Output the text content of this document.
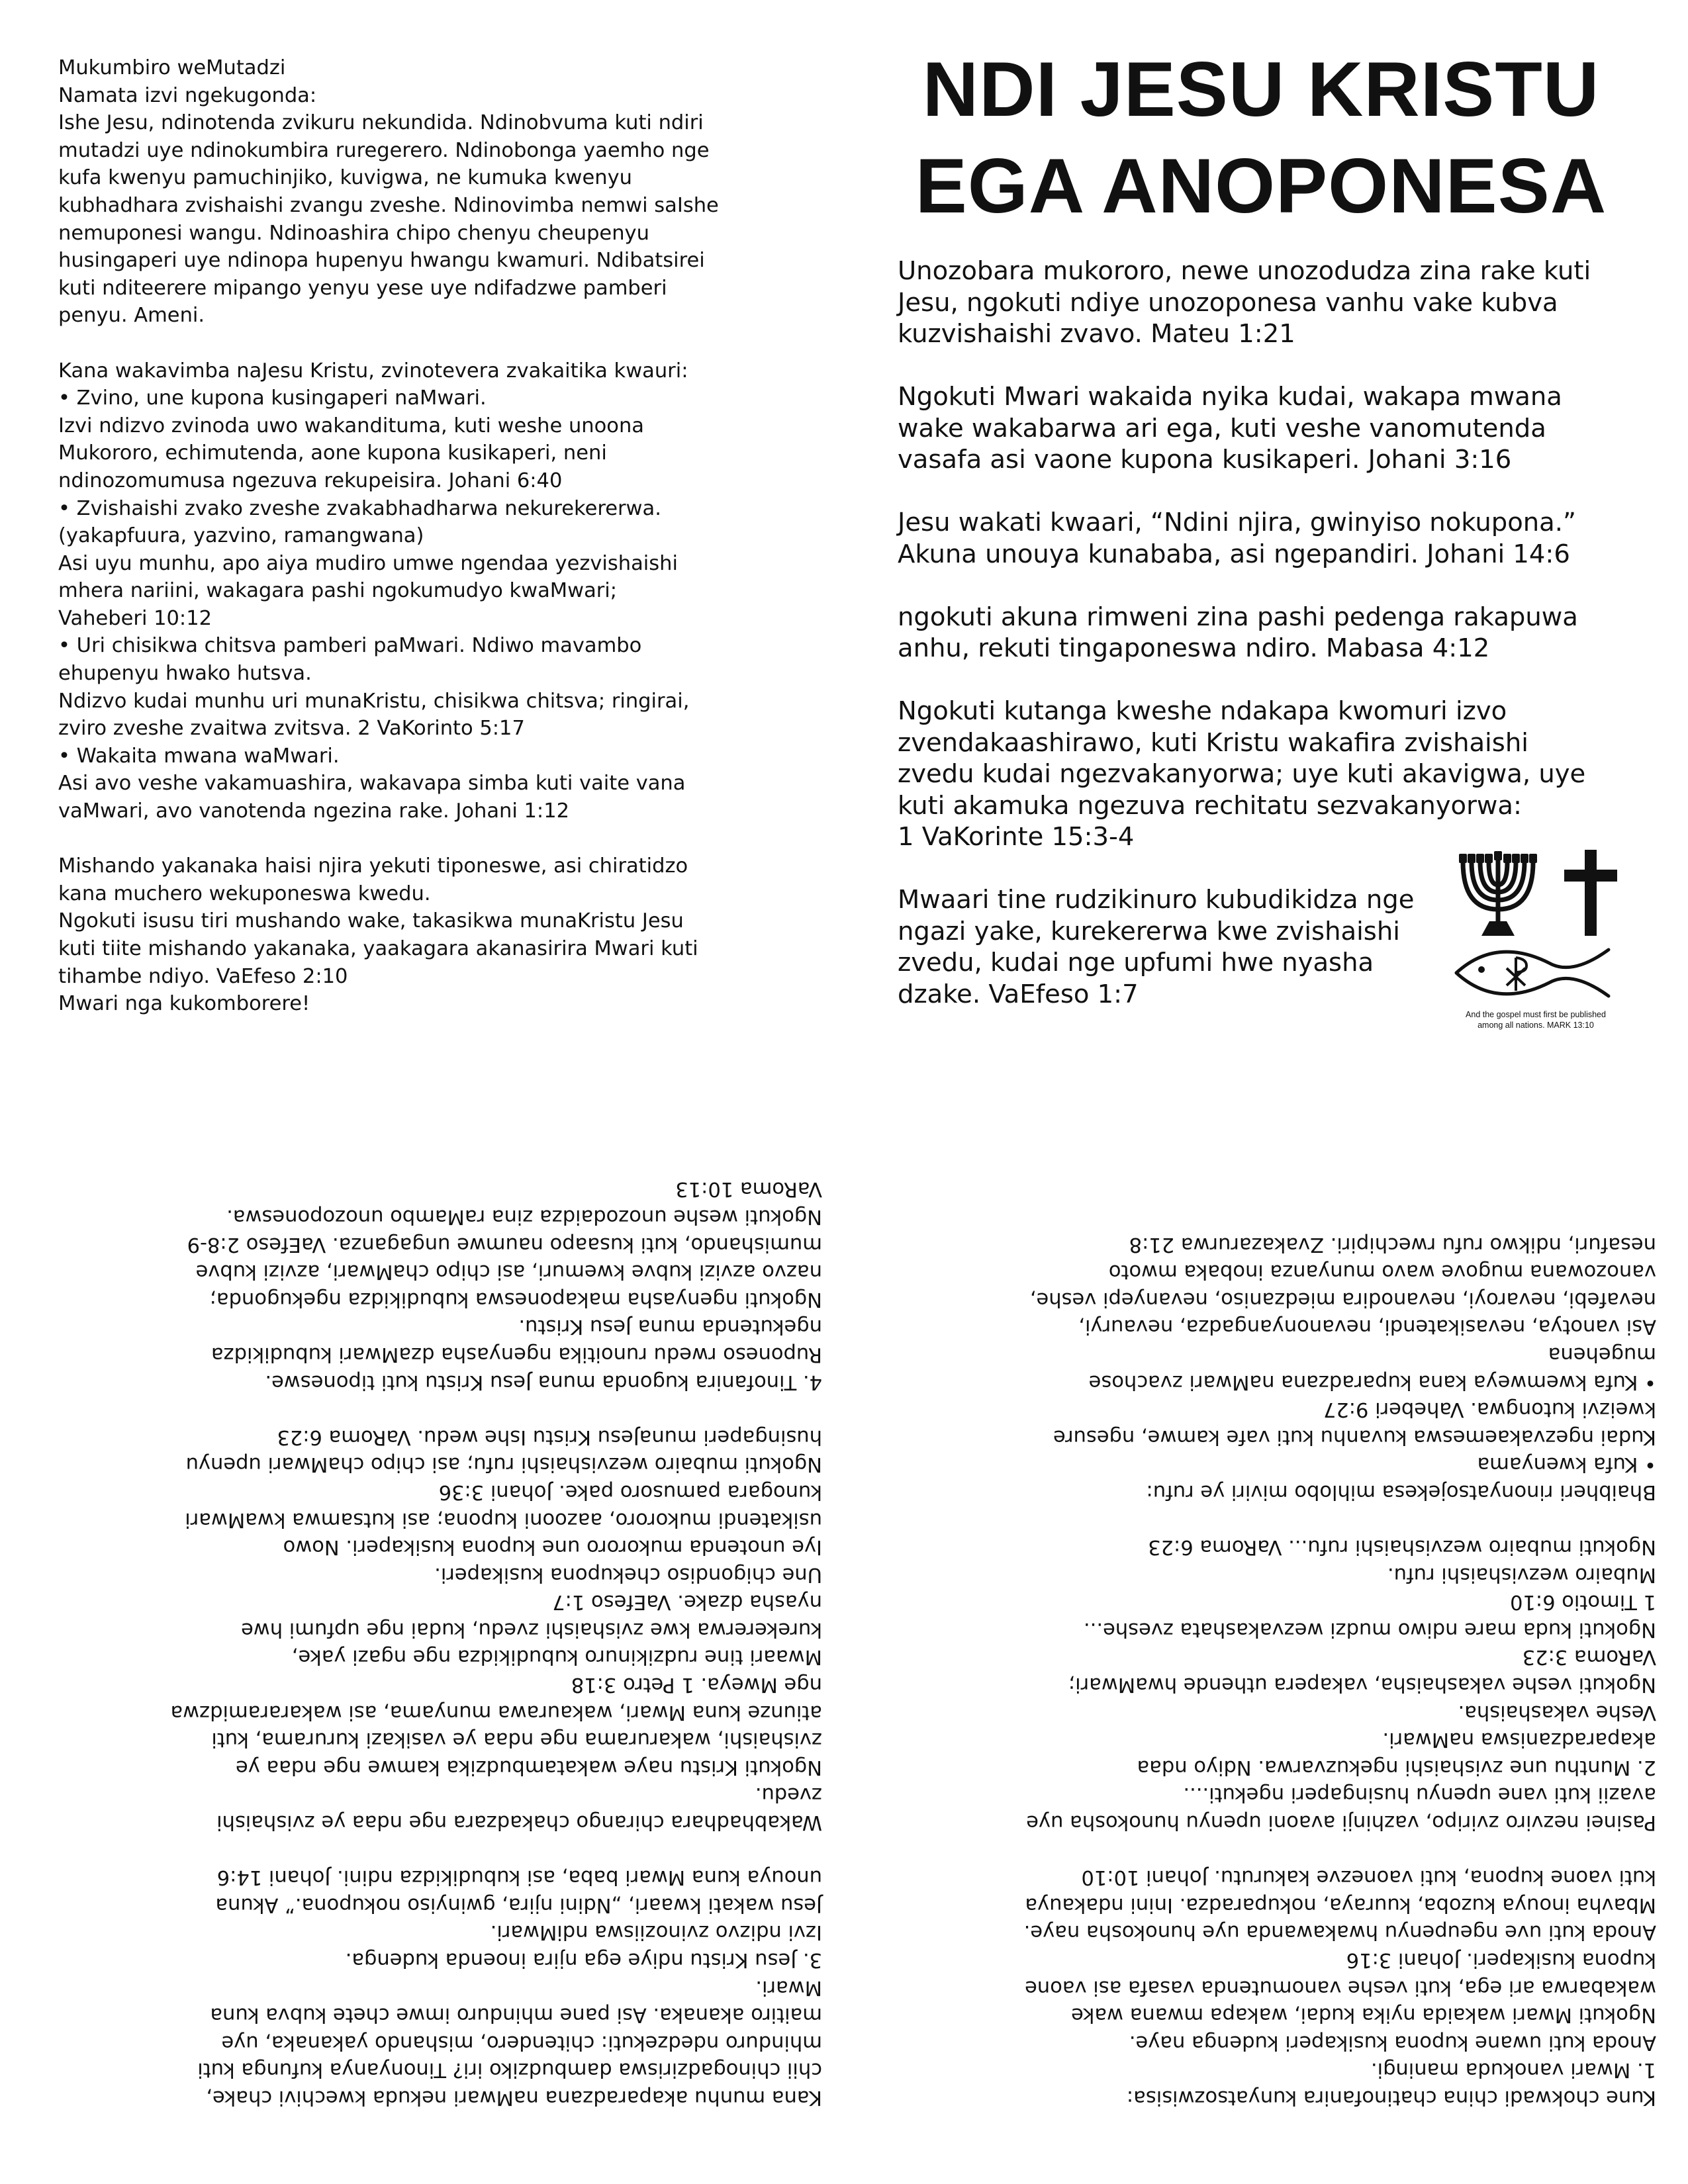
Mukumbiro weMutadzi
Namata izvi ngekugonda:
Ishe Jesu, ndinotenda zvikuru nekundida. Ndinobvuma kuti ndiri
mutadzi uye ndinokumbira ruregerero. Ndinobonga yaemho nge
kufa kwenyu pamuchinjiko, kuvigwa, ne kumuka kwenyu
kubhadhara zvishaishi zvangu zveshe. Ndinovimba nemwi saIshe
nemuponesi wangu. Ndinoashira chipo chenyu cheupenyu
husingaperi uye ndinopa hupenyu hwangu kwamuri. Ndibatsirei
kuti nditeerere mipango yenyu yese uye ndifadzwe pamberi
penyu. Ameni.

Kana wakavimba naJesu Kristu, zvinotevera zvakaitika kwauri:
• Zvino, une kupona kusingaperi naMwari.
Izvi ndizvo zvinoda uwo wakandituma, kuti weshe unoona
Mukororo, echimutenda, aone kupona kusikaperi, neni
ndinozomumusa ngezuva rekupeisira. Johani 6:40
• Zvishaishi zvako zveshe zvakabhadharwa nekurekererwa.
(yakapfuura, yazvino, ramangwana)
Asi uyu munhu, apo aiya mudiro umwe ngendaa yezvishaishi
mhera nariini, wakagara pashi ngokumudyo kwaMwari;
Vaheberi 10:12
• Uri chisikwa chitsva pamberi paMwari. Ndiwo mavambo
ehupenyu hwako hutsva.
Ndizvo kudai munhu uri munaKristu, chisikwa chitsva; ringirai,
zviro zveshe zvaitwa zvitsva. 2 VaKorinto 5:17
• Wakaita mwana waMwari.
Asi avo veshe vakamuashira, wakavapa simba kuti vaite vana
vaMwari, avo vanotenda ngezina rake. Johani 1:12

Mishando yakanaka haisi njira yekuti tiponeswe, asi chiratidzo
kana muchero wekuponeswa kwedu.
Ngokuti isusu tiri mushando wake, takasikwa munaKristu Jesu
kuti tiite mishando yakanaka, yaakagara akanasirira Mwari kuti
tihambe ndiyo. VaEfeso 2:10
Mwari nga kukomborere!

NDI JESU KRISTU
EGA ANOPONESA

Unozobara mukororo, newe unozodudza zina rake kuti
Jesu, ngokuti ndiye unozoponesa vanhu vake kubva
kuzvishaishi zvavo. Mateu 1:21

Ngokuti Mwari wakaida nyika kudai, wakapa mwana
wake wakabarwa ari ega, kuti veshe vanomutenda
vasafa asi vaone kupona kusikaperi. Johani 3:16

Jesu wakati kwaari, “Ndini njira, gwinyiso nokupona.”
Akuna unouya kunababa, asi ngepandiri. Johani 14:6

ngokuti akuna rimweni zina pashi pedenga rakapuwa
anhu, rekuti tingaponeswa ndiro. Mabasa 4:12

Ngokuti kutanga kweshe ndakapa kwomuri izvo
zvendakaashirawo, kuti Kristu wakafira zvishaishi
zvedu kudai ngezvakanyorwa; uye kuti akavigwa, uye
kuti akamuka ngezuva rechitatu sezvakanyorwa:
1 VaKorinte 15:3-4

Mwaari tine rudzikinuro kubudikidza nge
ngazi yake, kurekererwa kwe zvishaishi
zvedu, kudai nge upfumi hwe nyasha
dzake. VaEfeso 1:7

And the gospel must first be published
among all nations. MARK 13:10

Kana munhu akaparadzana naMwari nekuda kwechivi chake,
chii chinogadziriswa dambudziko iri? Tinonyanya kufunga kuti
mhinduro ndedzekuti: chitendero, mishando yakanaka, uye
maitiro akanaka. Asi pane mhinduro imwe chete kubva kuna
Mwari.
3. Jesu Kristu ndiye ega njira inoenda kudenga.
Izvi ndizvo zvinoziiswa ndiMwari.
Jesu wakati kwaari, „Ndini njira, gwinyiso nokupona.” Akuna
unouya kuna Mwari baba, asi kubudikidza ndini. Johani 14:6

Wakabhadhara chirango chakadzara nge ndaa ye zvishaishi
zvedu.
Ngokuti Kristu naye wakatambudzika kamwe nge ndaa ye
zvishaishi, wakarurama nge ndaa ye vasikazi kururama, kuti
atiunze kuna Mwari, wakaurawa munyama, asi wakararamidzwa
nge Mweya. 1 Petro 3:18
Mwaari tine rudzikinuro kubudikidza nge ngazi yake,
kurekererwa kwe zvishaishi zvedu, kudai nge upfumi hwe
nyasha dzake. VaEfeso 1:7
Une chigondiso chekupona kusikaperi.
Iye unotenda mukororo une kupona kusikaperi. Nowo
usikatendi mukororo, aazooni kupona; asi kutsamwa kwaMwari
kunogara pamusoro pake. Johani 3:36
Ngokuti mubairo wezvishaishi rufu; asi chipo chaMwari upenyu
husingaperi munaJesu Kristu Ishe wedu. VaRoma 6:23

4. Tinofanira kugonda muna Jesu Kristu kuti tiponeswe.
Ruponeso rwedu runoitika ngenyasha dzaMwari kubudikidza
ngekutenda muna Jesu Kristu.
Ngokuti ngenyasha makaponeswa kubudikidza ngekugonda;
nazvo azvizi kubve kwemuri, asi chipo chaMwari, azvizi kubve
mumishando, kuti kusaapo naumwe ungaganza. VaEfeso 2:8-9
Ngokuti weshe unozodaidza zina raMambo unozoponeswa.
VaRoma 10:13

Kune chokwadi china chatinofanira kunyatsozwisisa:
1. Mwari vanokuda maningi.
Anoda kuti uwane kupona kusikaperi kudenga naye.
Ngokuti Mwari wakaida nyika kudai, wakapa mwana wake
wakabarwa ari ega, kuti veshe vanomutenda vasafa asi vaone
kupona kusikaperi. Johani 3:16
Anoda kuti uve ngeupenyu hwakawanda uye hunokosha naye.
Mbavha inouya kuzoba, kuuraya, nokuparadza. Inini ndakauya
kuti vaone kupona, kuti vaonezve kakurutu. Johani 10:10

Pasinei nezviro zviripo, vazhinji avaoni upenyu hunokosha uye
avazii kuti vane upenyu husingaperi ngekuti....
2. Munthu une zvishaishi ngekuzvarwa. Ndiyo ndaa
akaparadzaniswa naMwari.
Veshe vakashaisha.
Ngokuti veshe vakashaisha, vakapera uthende hwaMwari;
VaRoma 3:23
Ngokuti kuda mare ndiwo mudzi wezvakashata zveshe...
1 Timotio 6:10
Mubairo wezvishaishi rufu.
Ngokuti mubairo wezvishaishi rufu... VaRoma 6:23

Bhaibheri rinonyatsojekesa mihlobo miviri ye rufu:
• Kufa kwenyama
Kudai ngezvakaemeswa kuvanhu kuti vafe kamwe, ngesure
kweizvi kutongwa. Vaheberi 9:27
• Kufa kwemweya kana kuparadzana naMwari zvachose
mugehena
Asi vanotya, nevasikatendi, nevanonyangadza, nevauryi,
nevafebi, nevaroyi, nevanodira miedzaniso, nevanyepi veshe,
vanozowana mugove wavo munyanza inobaka mwoto
nesafuri, ndikwo rufu rwechipiri. Zvakazarurwa 21:8
